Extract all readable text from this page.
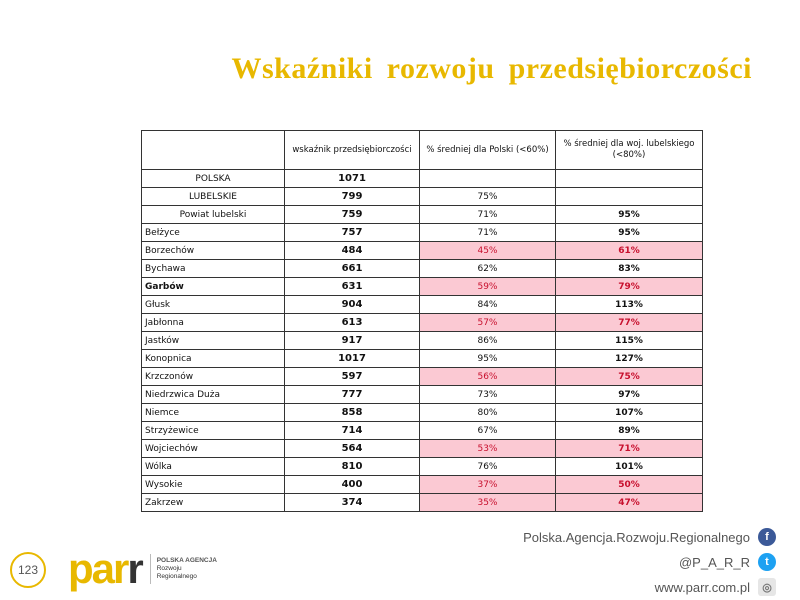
Wskaźniki rozwoju przedsiębiorczości
	wskaźnik przedsiębiorczości	% średniej dla Polski (<60%)	% średniej dla woj. lubelskiego (<80%)
POLSKA	1071		
LUBELSKIE	799	75%	
Powiat lubelski	759	71%	95%
Bełżyce	757	71%	95%
Borzechów	484	45%	61%
Bychawa	661	62%	83%
Garbów	631	59%	79%
Głusk	904	84%	113%
Jabłonna	613	57%	77%
Jastków	917	86%	115%
Konopnica	1017	95%	127%
Krzczonów	597	56%	75%
Niedrzwica Duża	777	73%	97%
Niemce	858	80%	107%
Strzyżewice	714	67%	89%
Wojciechów	564	53%	71%
Wólka	810	76%	101%
Wysokie	400	37%	50%
Zakrzew	374	35%	47%
Polska.Agencja.Rozwoju.Regionalnego	f
@P_A_R_R	t
www.parr.com.pl	◎
123 parr POLSKA AGENCJA
Rozwoju
Regionalnego
